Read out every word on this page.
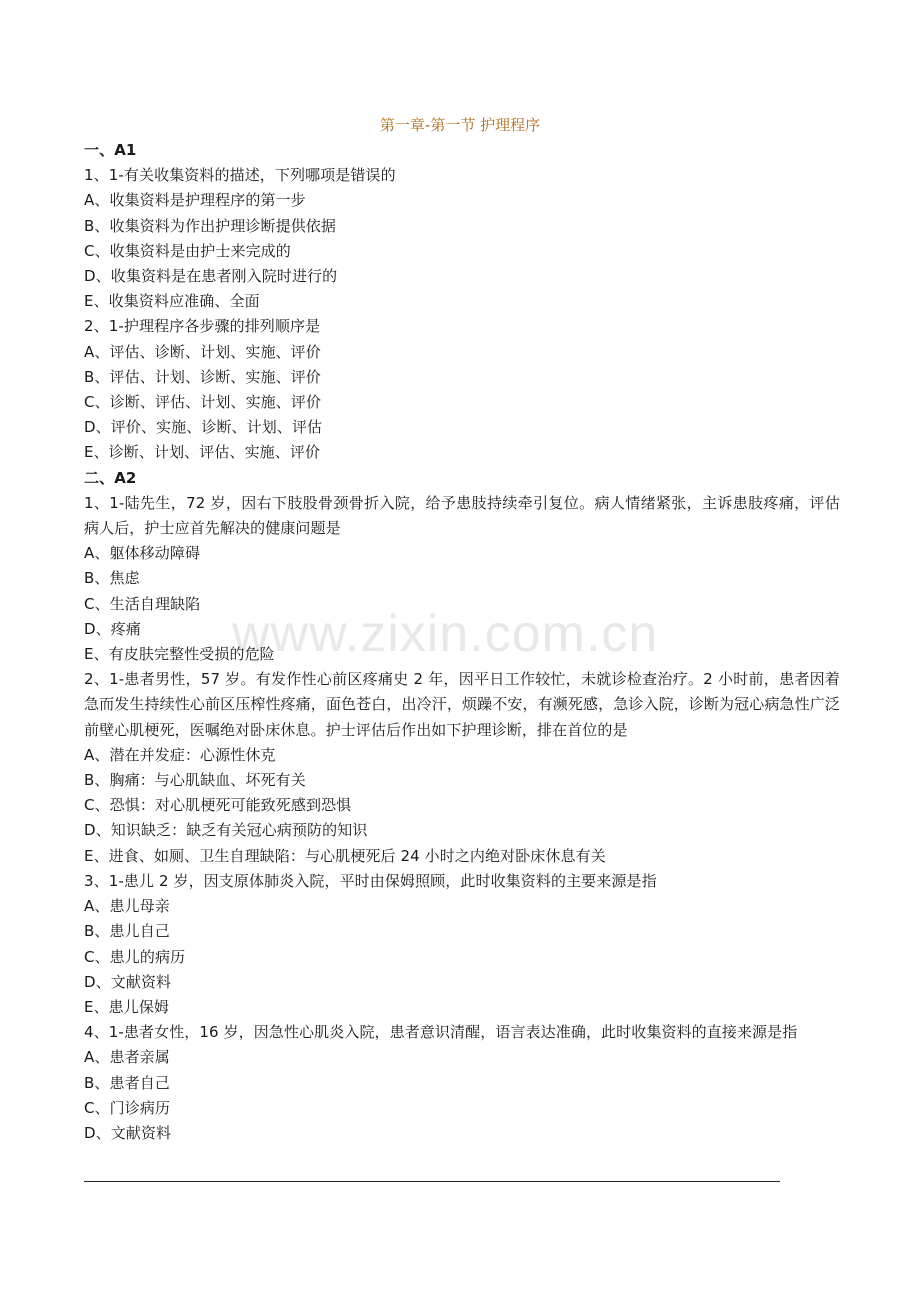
www.zixin.com.cn
第一章-第一节 护理程序
一、A1
1、1-有关收集资料的描述，下列哪项是错误的
A、收集资料是护理程序的第一步
B、收集资料为作出护理诊断提供依据
C、收集资料是由护士来完成的
D、收集资料是在患者刚入院时进行的
E、收集资料应准确、全面
2、1-护理程序各步骤的排列顺序是
A、评估、诊断、计划、实施、评价
B、评估、计划、诊断、实施、评价
C、诊断、评估、计划、实施、评价
D、评价、实施、诊断、计划、评估
E、诊断、计划、评估、实施、评价
二、A2
1、1-陆先生，72 岁，因右下肢股骨颈骨折入院，给予患肢持续牵引复位。病人情绪紧张，主诉患肢疼痛，评估病人后，护士应首先解决的健康问题是
A、躯体移动障碍
B、焦虑
C、生活自理缺陷
D、疼痛
E、有皮肤完整性受损的危险
2、1-患者男性，57 岁。有发作性心前区疼痛史 2 年，因平日工作较忙，未就诊检查治疗。2 小时前，患者因着急而发生持续性心前区压榨性疼痛，面色苍白，出冷汗，烦躁不安，有濒死感，急诊入院，诊断为冠心病急性广泛前壁心肌梗死，医嘱绝对卧床休息。护士评估后作出如下护理诊断，排在首位的是
A、潜在并发症：心源性休克
B、胸痛：与心肌缺血、坏死有关
C、恐惧：对心肌梗死可能致死感到恐惧
D、知识缺乏：缺乏有关冠心病预防的知识
E、进食、如厕、卫生自理缺陷：与心肌梗死后 24 小时之内绝对卧床休息有关
3、1-患儿 2 岁，因支原体肺炎入院，平时由保姆照顾，此时收集资料的主要来源是指
A、患儿母亲
B、患儿自己
C、患儿的病历
D、文献资料
E、患儿保姆
4、1-患者女性，16 岁，因急性心肌炎入院，患者意识清醒，语言表达准确，此时收集资料的直接来源是指
A、患者亲属
B、患者自己
C、门诊病历
D、文献资料
